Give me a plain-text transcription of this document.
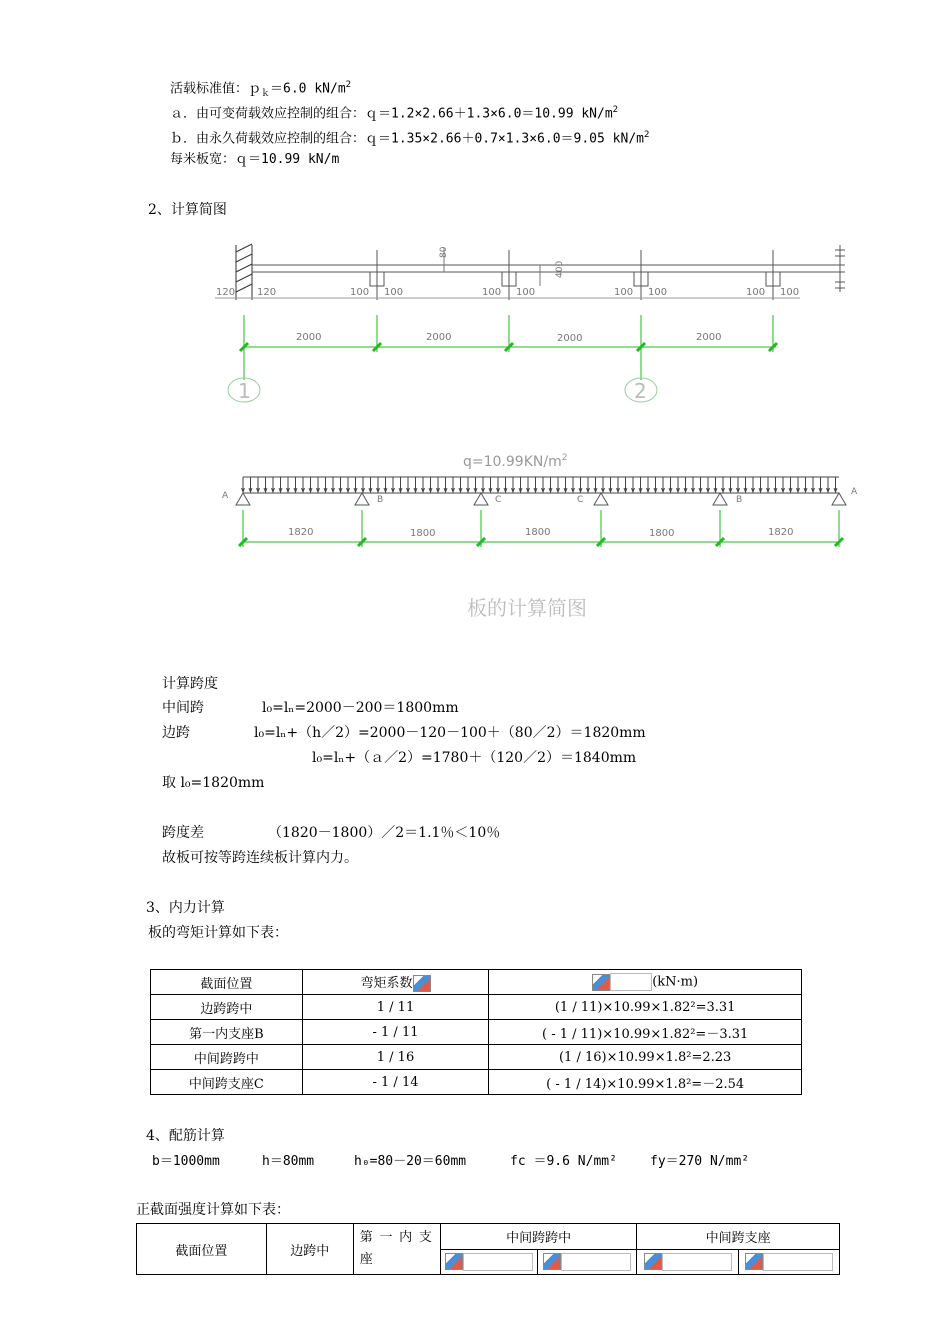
活载标准值：ｐ$_k$＝6.0 $kN/m^2$
ａ．由可变荷载效应控制的组合：ｑ＝1.2×2.66＋1.3×6.0＝10.99 $kN/m^2$
ｂ．由永久荷载效应控制的组合：ｑ＝1.35×2.66＋0.7×1.3×6.0＝9.05 $kN/m^2$
每米板宽：ｑ＝10.99 kN/m
2、计算简图
80
400
120 120	100 100	100 100	100 100	100 100
2000	2000	2000	2000
1	2
$q=10.99KN/m^2$
A	B	C	C	B
A
1820	1800	1800	1800	1820
板的计算简图
计算跨度
中间跨	l₀=lₙ=2000－200＝1800mm
边跨	l₀=lₙ+（h／2）=2000－120－100＋（80／2）＝1820mm
l₀=lₙ+（ａ／2）=1780＋（120／2）＝1840mm
取 l₀=1820mm
跨度差	（1820－1800）／2＝1.1％＜10％
故板可按等跨连续板计算内力。
3、内力计算
板的弯矩计算如下表：
截面位置	弯矩系数	(kN·m)
边跨跨中	1 / 11	(1 / 11)×10.99×1.82²=3.31
第一内支座B	- 1 / 11	( - 1 / 11)×10.99×1.82²=－3.31
中间跨跨中	1 / 16	(1 / 16)×10.99×1.8²=2.23
中间跨支座C	- 1 / 14	( - 1 / 14)×10.99×1.8²=－2.54
4、配筋计算
b＝1000mm	h＝80mm	h₀=80－20＝60mm	fc ＝9.6 N/mm²	fy＝270 N/mm²
正截面强度计算如下表：
截面位置	边跨中	第一内支座	中间跨跨中		中间跨支座	
